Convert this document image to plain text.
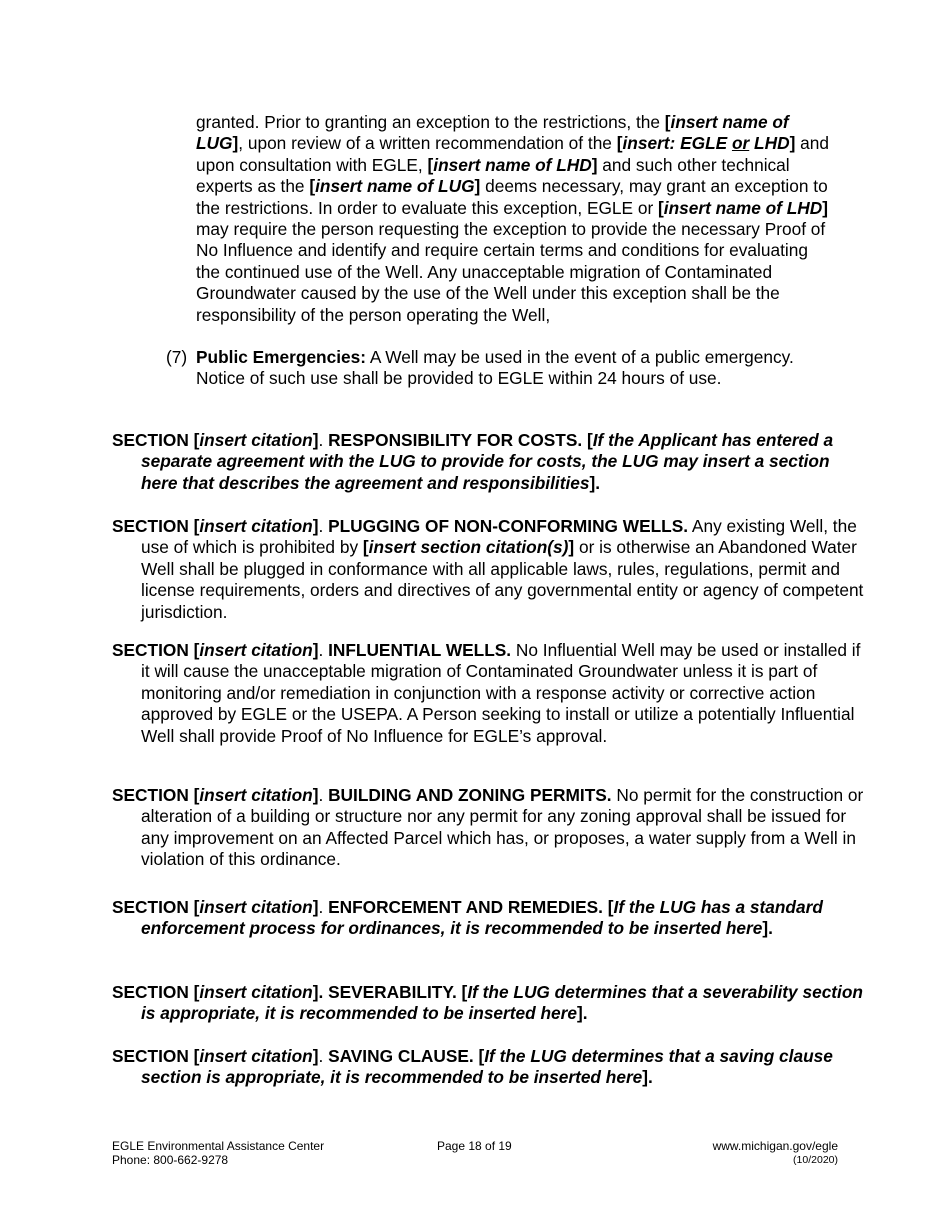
granted. Prior to granting an exception to the restrictions, the [insert name of LUG], upon review of a written recommendation of the [insert: EGLE or LHD] and upon consultation with EGLE, [insert name of LHD] and such other technical experts as the [insert name of LUG] deems necessary, may grant an exception to the restrictions. In order to evaluate this exception, EGLE or [insert name of LHD] may require the person requesting the exception to provide the necessary Proof of No Influence and identify and require certain terms and conditions for evaluating the continued use of the Well. Any unacceptable migration of Contaminated Groundwater caused by the use of the Well under this exception shall be the responsibility of the person operating the Well,
(7) Public Emergencies: A Well may be used in the event of a public emergency. Notice of such use shall be provided to EGLE within 24 hours of use.
SECTION [insert citation]. RESPONSIBILITY FOR COSTS. [If the Applicant has entered a separate agreement with the LUG to provide for costs, the LUG may insert a section here that describes the agreement and responsibilities].
SECTION [insert citation]. PLUGGING OF NON-CONFORMING WELLS. Any existing Well, the use of which is prohibited by [insert section citation(s)] or is otherwise an Abandoned Water Well shall be plugged in conformance with all applicable laws, rules, regulations, permit and license requirements, orders and directives of any governmental entity or agency of competent jurisdiction.
SECTION [insert citation]. INFLUENTIAL WELLS. No Influential Well may be used or installed if it will cause the unacceptable migration of Contaminated Groundwater unless it is part of monitoring and/or remediation in conjunction with a response activity or corrective action approved by EGLE or the USEPA. A Person seeking to install or utilize a potentially Influential Well shall provide Proof of No Influence for EGLE’s approval.
SECTION [insert citation]. BUILDING AND ZONING PERMITS. No permit for the construction or alteration of a building or structure nor any permit for any zoning approval shall be issued for any improvement on an Affected Parcel which has, or proposes, a water supply from a Well in violation of this ordinance.
SECTION [insert citation]. ENFORCEMENT AND REMEDIES. [If the LUG has a standard enforcement process for ordinances, it is recommended to be inserted here].
SECTION [insert citation]. SEVERABILITY. [If the LUG determines that a severability section is appropriate, it is recommended to be inserted here].
SECTION [insert citation]. SAVING CLAUSE. [If the LUG determines that a saving clause section is appropriate, it is recommended to be inserted here].
EGLE Environmental Assistance Center
Phone: 800-662-9278
Page 18 of 19	www.michigan.gov/egle
(10/2020)
